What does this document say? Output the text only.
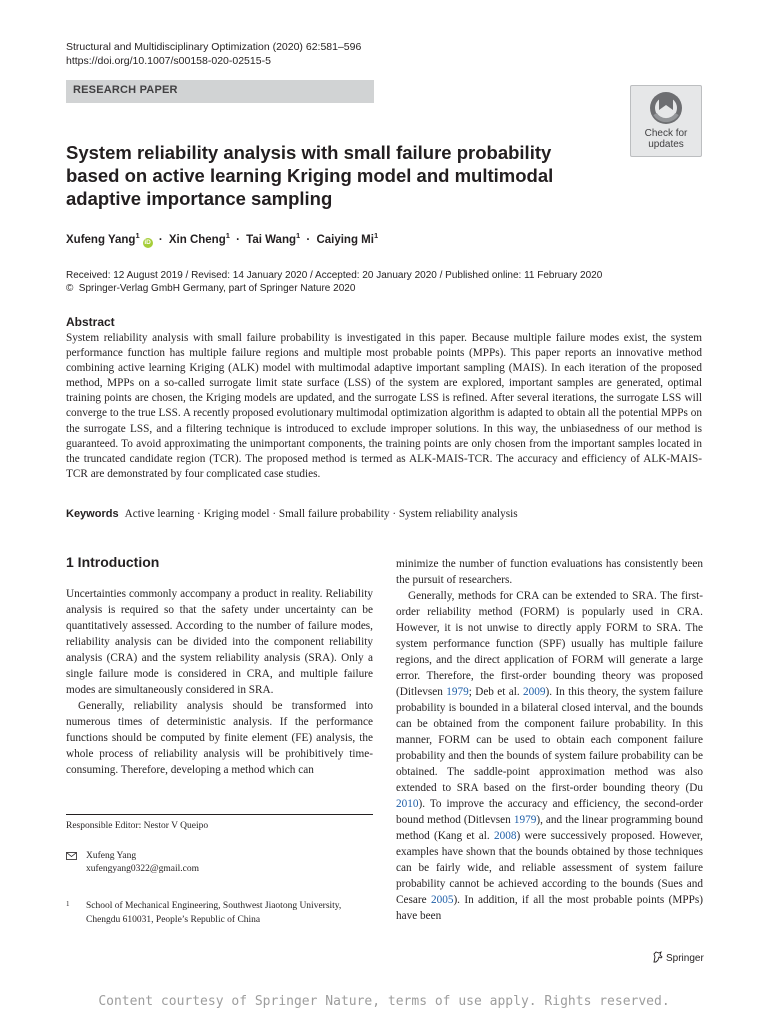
Structural and Multidisciplinary Optimization (2020) 62:581–596
https://doi.org/10.1007/s00158-020-02515-5
RESEARCH PAPER
Check for updates
System reliability analysis with small failure probability based on active learning Kriging model and multimodal adaptive importance sampling
Xufeng Yang$^1$iD · Xin Cheng$^1$ · Tai Wang$^1$ · Caiying Mi$^1$
Received: 12 August 2019 / Revised: 14 January 2020 / Accepted: 20 January 2020 / Published online: 11 February 2020
© Springer-Verlag GmbH Germany, part of Springer Nature 2020
Abstract

System reliability analysis with small failure probability is investigated in this paper. Because multiple failure modes exist, the system performance function has multiple failure regions and multiple most probable points (MPPs). This paper reports an innovative method combining active learning Kriging (ALK) model with multimodal adaptive important sampling (MAIS). In each iteration of the proposed method, MPPs on a so-called surrogate limit state surface (LSS) of the system are explored, important samples are generated, optimal training points are chosen, the Kriging models are updated, and the surrogate LSS is refined. After several iterations, the surrogate LSS will converge to the true LSS. A recently proposed evolutionary multimodal optimization algorithm is adapted to obtain all the potential MPPs on the surrogate LSS, and a filtering technique is introduced to exclude improper solutions. In this way, the unbiasedness of our method is guaranteed. To avoid approximating the unimportant components, the training points are only chosen from the important samples located in the truncated candidate region (TCR). The proposed method is termed as ALK-MAIS-TCR. The accuracy and efficiency of ALK-MAIS-TCR are demonstrated by four complicated case studies.

Keywords Active learning · Kriging model · Small failure probability · System reliability analysis
1 Introduction

Uncertainties commonly accompany a product in reality. Reliability analysis is required so that the safety under uncertainty can be quantitatively assessed. According to the number of failure modes, reliability analysis can be divided into the component reliability analysis (CRA) and the system reliability analysis (SRA). Only a single failure mode is considered in CRA, and multiple failure modes are simultaneously considered in SRA.

Generally, reliability analysis should be transformed into numerous times of deterministic analysis. If the performance functions should be computed by finite element (FE) analysis, the whole process of reliability analysis will be prohibitively time-consuming. Therefore, developing a method which can

minimize the number of function evaluations has consistently been the pursuit of researchers.

Generally, methods for CRA can be extended to SRA. The first-order reliability method (FORM) is popularly used in CRA. However, it is not unwise to directly apply FORM to SRA. The system performance function (SPF) usually has multiple failure regions, and the direct application of FORM will generate a large error. Therefore, the first-order bounding theory was proposed (Ditlevsen 1979; Deb et al. 2009). In this theory, the system failure probability is bounded in a bilateral closed interval, and the bounds can be obtained from the component failure probability. In this manner, FORM can be used to obtain each component failure probability and then the bounds of system failure probability can be obtained. The saddle-point approximation method was also extended to SRA based on the first-order bounding theory (Du 2010). To improve the accuracy and efficiency, the second-order bound method (Ditlevsen 1979), and the linear programming bound method (Kang et al. 2008) were successively proposed. However, examples have shown that the bounds obtained by those techniques can be fairly wide, and reliable assessment of system failure probability cannot be achieved according to the bounds (Sues and Cesare 2005). In addition, if all the most probable points (MPPs) have been

Responsible Editor: Nestor V Queipo
Xufeng Yang
xufengyang0322@gmail.com
1 School of Mechanical Engineering, Southwest Jiaotong University, Chengdu 610031, People’s Republic of China
Springer
Content courtesy of Springer Nature, terms of use apply. Rights reserved.
